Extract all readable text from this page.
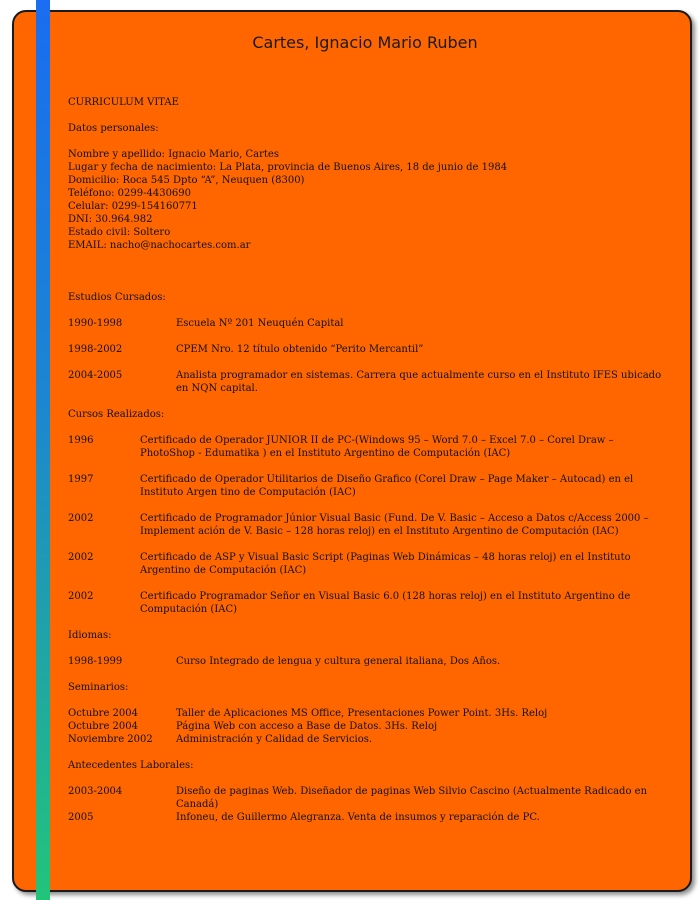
Cartes, Ignacio Mario Ruben

CURRICULUM VITAE

Datos personales:

Nombre y apellido: Ignacio Mario, Cartes

Lugar y fecha de nacimiento: La Plata, provincia de Buenos Aires, 18 de junio de 1984

Domicilio: Roca 545 Dpto “A”, Neuquen (8300)

Teléfono: 0299-4430690

Celular: 0299-154160771

DNI: 30.964.982

Estado civil: Soltero

EMAIL: nacho@nachocartes.com.ar

Estudios Cursados:

1990-1998	Escuela Nº 201 Neuquén Capital
1998-2002	CPEM Nro. 12 título obtenido “Perito Mercantil”
2004-2005	Analista programador en sistemas. Carrera que actualmente curso en el Instituto IFES ubicado en NQN capital.

Cursos Realizados:

1996	Certificado de Operador JUNIOR II de PC-(Windows 95 – Word 7.0 – Excel 7.0 – Corel Draw – PhotoShop - Edumatika ) en el Instituto Argentino de Computación (IAC)
1997	Certificado de Operador Utilitarios de Diseño Grafico (Corel Draw – Page Maker – Autocad) en el Instituto Argen tino de Computación (IAC)
2002	Certificado de Programador Júnior Visual Basic (Fund. De V. Basic – Acceso a Datos c/Access 2000 – Implement ación de V. Basic – 128 horas reloj) en el Instituto Argentino de Computación (IAC)
2002	Certificado de ASP y Visual Basic Script (Paginas Web Dinámicas – 48 horas reloj) en el Instituto Argentino de Computación (IAC)
2002	Certificado Programador Señor en Visual Basic 6.0 (128 horas reloj) en el Instituto Argentino de Computación (IAC)

Idiomas:

1998-1999	Curso Integrado de lengua y cultura general italiana, Dos Años.

Seminarios:

Octubre 2004	Taller de Aplicaciones MS Office, Presentaciones Power Point. 3Hs. Reloj
Octubre 2004	Página Web con acceso a Base de Datos. 3Hs. Reloj
Noviembre 2002	Administración y Calidad de Servicios.

Antecedentes Laborales:

2003-2004	Diseño de paginas Web. Diseñador de paginas Web Silvio Cascino (Actualmente Radicado en Canadá)
2005	Infoneu, de Guillermo Alegranza. Venta de insumos y reparación de PC.
